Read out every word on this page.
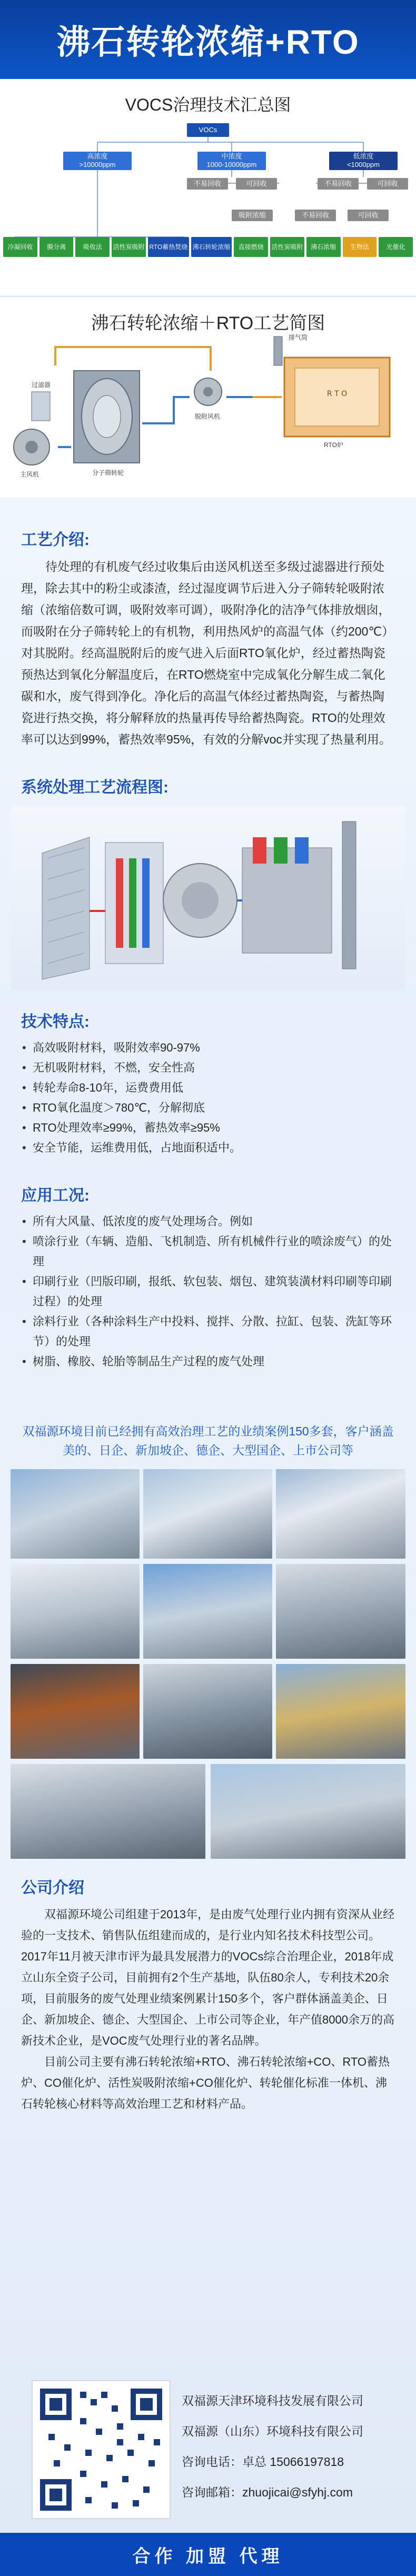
沸石转轮浓缩+RTO
VOCS治理技术汇总图
VOCs
高浓度
>10000ppm
中浓度
1000-10000ppm
低浓度
<1000ppm
不易回收	可回收	不易回收	可回收
吸附浓缩	不易回收	可回收
冷凝回收	膜分离	吸收法	活性炭吸附 RTO蓄热焚烧 沸石转轮浓缩	直接燃烧	活性炭吸附	沸石浓缩	生物法	光催化
沸石转轮浓缩＋RTO工艺简图
R T O
排气筒
脱附风机
RTO炉
分子筛转轮
主风机
过滤器
工艺介绍:

待处理的有机废气经过收集后由送风机送至多级过滤器进行预处理，除去其中的粉尘或漆渣，经过湿度调节后进入分子筛转轮吸附浓缩（浓缩倍数可调，吸附效率可调），吸附净化的洁净气体排放烟囱，而吸附在分子筛转轮上的有机物，利用热风炉的高温气体（约200℃）对其脱附。经高温脱附后的废气进入后面RTO氧化炉，经过蓄热陶瓷预热达到氧化分解温度后，在RTO燃烧室中完成氧化分解生成二氧化碳和水，废气得到净化。净化后的高温气体经过蓄热陶瓷，与蓄热陶瓷进行热交换，将分解释放的热量再传导给蓄热陶瓷。RTO的处理效率可以达到99%，蓄热效率95%，有效的分解voc并实现了热量利用。

系统处理工艺流程图:
技术特点:
• 高效吸附材料，吸附效率90-97%
• 无机吸附材料，不燃，安全性高
• 转轮寿命8-10年，运费费用低
• RTO氧化温度＞780℃，分解彻底
• RTO处理效率≥99%，蓄热效率≥95%
• 安全节能，运维费用低，占地面积适中。
应用工况:
• 所有大风量、低浓度的废气处理场合。例如
• 喷涂行业（车辆、造船、飞机制造、所有机械件行业的喷涂废气）的处理
• 印刷行业（凹版印刷，报纸、软包装、烟包、建筑装潢材料印刷等印刷过程）的处理
• 涂料行业（各种涂料生产中投料、搅拌、分散、拉缸、包装、洗缸等环节）的处理
• 树脂、橡胶、轮胎等制品生产过程的废气处理
双福源环境目前已经拥有高效治理工艺的业绩案例150多套，客户涵盖美的、日企、新加坡企、德企、大型国企、上市公司等
公司介绍

双福源环境公司组建于2013年，是由废气处理行业内拥有资深从业经验的一支技术、销售队伍组建而成的，是行业内知名技术科技型公司。2017年11月被天津市评为最具发展潜力的VOCs综合治理企业，2018年成立山东全资子公司，目前拥有2个生产基地，队伍80余人，专利技术20余项，目前服务的废气处理业绩案例累计150多个，客户群体涵盖美企、日企、新加坡企、德企、大型国企、上市公司等企业，年产值8000余万的高新技术企业，是VOC废气处理行业的著名品牌。

目前公司主要有沸石转轮浓缩+RTO、沸石转轮浓缩+CO、RTO蓄热炉、CO催化炉、活性炭吸附浓缩+CO催化炉、转轮催化标准一体机、沸石转轮核心材料等高效治理工艺和材料产品。

双福源天津环境科技发展有限公司
双福源（山东）环境科技有限公司
咨询电话：卓总 15066197818
咨询邮箱：zhuojicai@sfyhj.com
合作 加盟 代理
